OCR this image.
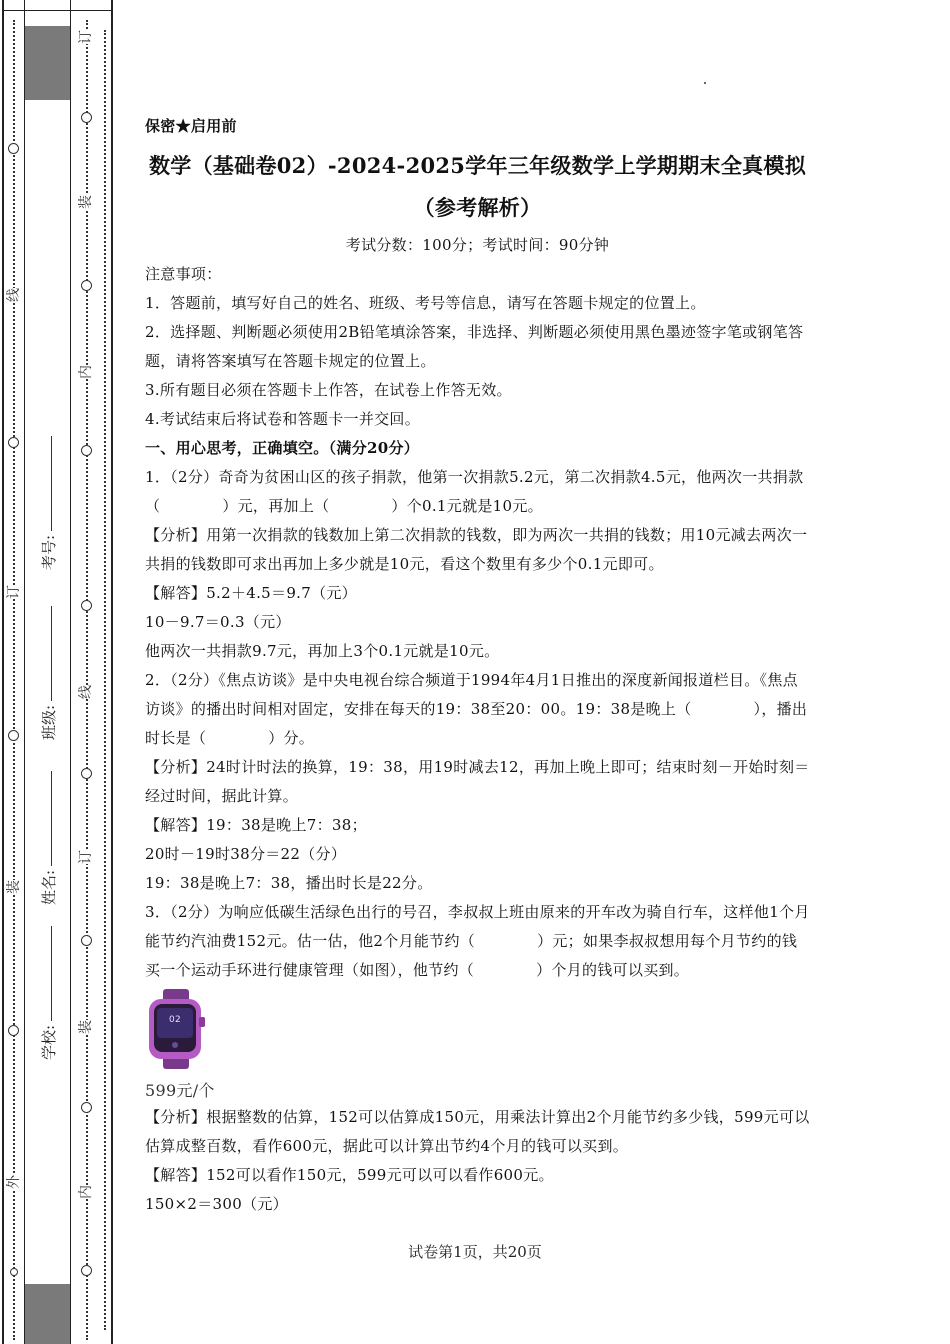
线
订
装
外
订
装
内
线
订
装
内
考号:
班级:
姓名:
学校:

保密★启用前

数学（基础卷02）-2024-2025学年三年级数学上学期期末全真模拟
（参考解析）

考试分数：100分；考试时间：90分钟

注意事项：

1．答题前，填写好自己的姓名、班级、考号等信息，请写在答题卡规定的位置上。

2．选择题、判断题必须使用2B铅笔填涂答案，非选择、判断题必须使用黑色墨迹签字笔或钢笔答题，请将答案填写在答题卡规定的位置上。

3.所有题目必须在答题卡上作答，在试卷上作答无效。

4.考试结束后将试卷和答题卡一并交回。

一、用心思考，正确填空。（满分20分）

1．（2分）奇奇为贫困山区的孩子捐款，他第一次捐款5.2元，第二次捐款4.5元，他两次一共捐款（	）元，再加上（	）个0.1元就是10元。

【分析】用第一次捐款的钱数加上第二次捐款的钱数，即为两次一共捐的钱数；用10元减去两次一共捐的钱数即可求出再加上多少就是10元，看这个数里有多少个0.1元即可。

【解答】5.2＋4.5＝9.7（元）

10－9.7＝0.3（元）

他两次一共捐款9.7元，再加上3个0.1元就是10元。

2．（2分）《焦点访谈》是中央电视台综合频道于1994年4月1日推出的深度新闻报道栏目。《焦点访谈》的播出时间相对固定，安排在每天的19：38至20：00。19：38是晚上（	），播出时长是（	）分。

【分析】24时计时法的换算，19：38，用19时减去12，再加上晚上即可；结束时刻－开始时刻＝经过时间，据此计算。

【解答】19：38是晚上7：38；

20时－19时38分＝22（分）

19：38是晚上7：38，播出时长是22分。

3．（2分）为响应低碳生活绿色出行的号召，李叔叔上班由原来的开车改为骑自行车，这样他1个月能节约汽油费152元。估一估，他2个月能节约（	）元；如果李叔叔想用每个月节约的钱买一个运动手环进行健康管理（如图），他节约（	）个月的钱可以买到。

02
599元/个

【分析】根据整数的估算，152可以估算成150元，用乘法计算出2个月能节约多少钱，599元可以估算成整百数，看作600元，据此可以计算出节约4个月的钱可以买到。

【解答】152可以看作150元，599元可以可以看作600元。

150×2＝300（元）

试卷第1页，共20页
